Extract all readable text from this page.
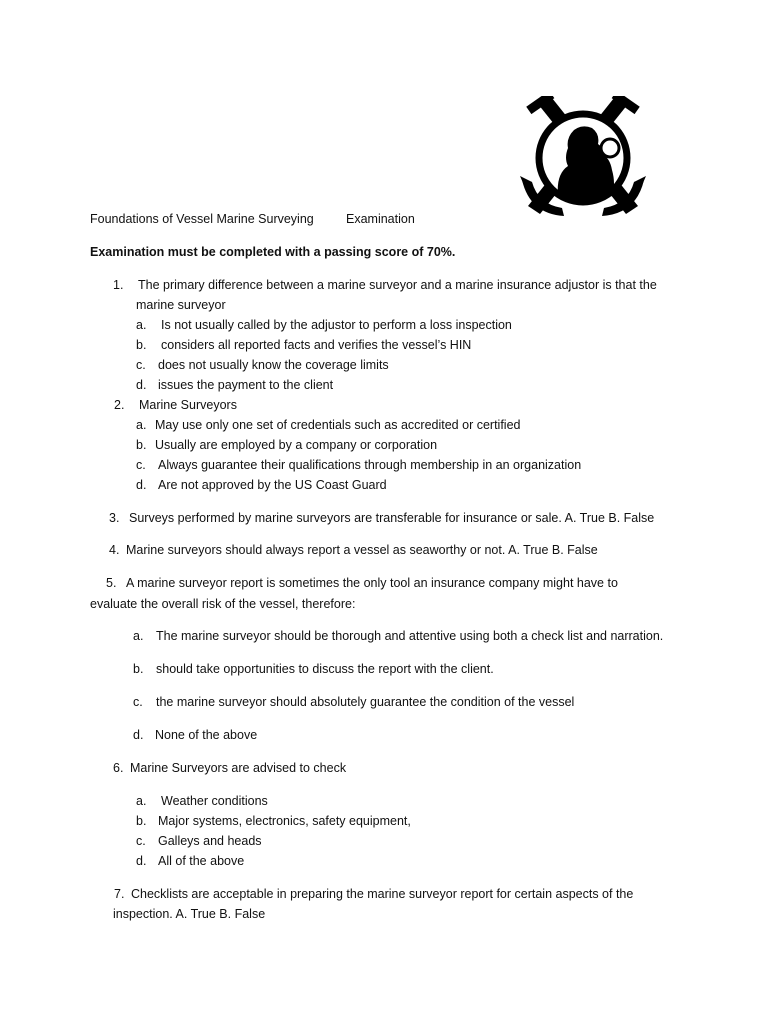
Foundations of Vessel Marine Surveying	Examination
Examination must be completed with a passing score of 70%.
1. The primary difference between a marine surveyor and a marine insurance adjustor is that the
marine surveyor
a. Is not usually called by the adjustor to perform a loss inspection
b. considers all reported facts and verifies the vessel’s HIN
c. does not usually know the coverage limits
d. issues the payment to the client
2. Marine Surveyors
a. May use only one set of credentials such as accredited or certified
b. Usually are employed by a company or corporation
c. Always guarantee their qualifications through membership in an organization
d. Are not approved by the US Coast Guard
3. Surveys performed by marine surveyors are transferable for insurance or sale. A. True B. False
4. Marine surveyors should always report a vessel as seaworthy or not. A. True B. False
5. A marine surveyor report is sometimes the only tool an insurance company might have to
evaluate the overall risk of the vessel, therefore:
a. The marine surveyor should be thorough and attentive using both a check list and narration.
b. should take opportunities to discuss the report with the client.
c. the marine surveyor should absolutely guarantee the condition of the vessel
d. None of the above
6. Marine Surveyors are advised to check
a. Weather conditions
b. Major systems, electronics, safety equipment,
c. Galleys and heads
d. All of the above
7. Checklists are acceptable in preparing the marine surveyor report for certain aspects of the
inspection. A. True B. False
